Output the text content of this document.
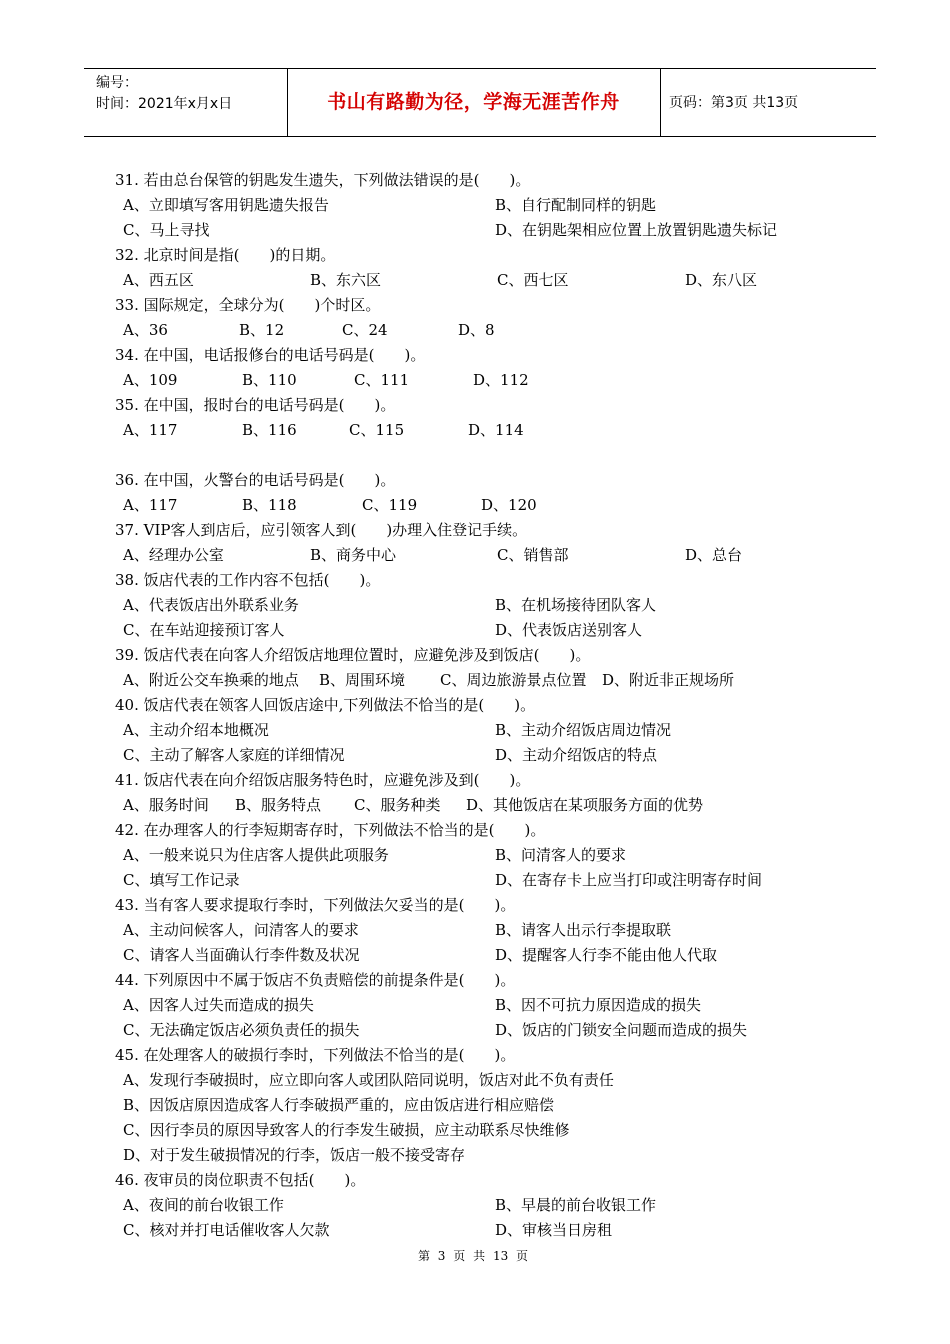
编号：
时间：2021年x月x日	书山有路勤为径，学海无涯苦作舟	页码：第3页 共13页
31. 若由总台保管的钥匙发生遗失，下列做法错误的是(　　)。
A、立即填写客用钥匙遗失报告	B、自行配制同样的钥匙
C、马上寻找	D、在钥匙架相应位置上放置钥匙遗失标记
32. 北京时间是指(　　)的日期。
A、西五区	B、东六区	C、西七区	D、东八区
33. 国际规定，全球分为(　　)个时区。
A、36	B、12	C、24	D、8
34. 在中国，电话报修台的电话号码是(　　)。
A、109	B、110	C、111	D、112
35. 在中国，报时台的电话号码是(　　)。
A、117	B、116	C、115	D、114
36. 在中国，火警台的电话号码是(　　)。
A、117	B、118	C、119	D、120
37. VIP客人到店后，应引领客人到(　　)办理入住登记手续。
A、经理办公室	B、商务中心	C、销售部	D、总台
38. 饭店代表的工作内容不包括(　　)。
A、代表饭店出外联系业务	B、在机场接待团队客人
C、在车站迎接预订客人	D、代表饭店送别客人
39. 饭店代表在向客人介绍饭店地理位置时，应避免涉及到饭店(　　)。
A、附近公交车换乘的地点 B、周围环境 C、周边旅游景点位置 D、附近非正规场所
40. 饭店代表在领客人回饭店途中,下列做法不恰当的是(　　)。
A、主动介绍本地概况	B、主动介绍饭店周边情况
C、主动了解客人家庭的详细情况	D、主动介绍饭店的特点
41. 饭店代表在向介绍饭店服务特色时，应避免涉及到(　　)。
A、服务时间 B、服务特点 C、服务种类 D、其他饭店在某项服务方面的优势
42. 在办理客人的行李短期寄存时，下列做法不恰当的是(　　)。
A、一般来说只为住店客人提供此项服务	B、问清客人的要求
C、填写工作记录	D、在寄存卡上应当打印或注明寄存时间
43. 当有客人要求提取行李时，下列做法欠妥当的是(　　)。
A、主动问候客人，问清客人的要求	B、请客人出示行李提取联
C、请客人当面确认行李件数及状况	D、提醒客人行李不能由他人代取
44. 下列原因中不属于饭店不负责赔偿的前提条件是(　　)。
A、因客人过失而造成的损失	B、因不可抗力原因造成的损失
C、无法确定饭店必须负责任的损失	D、饭店的门锁安全问题而造成的损失
45. 在处理客人的破损行李时，下列做法不恰当的是(　　)。
A、发现行李破损时，应立即向客人或团队陪同说明，饭店对此不负有责任
B、因饭店原因造成客人行李破损严重的，应由饭店进行相应赔偿
C、因行李员的原因导致客人的行李发生破损，应主动联系尽快维修
D、对于发生破损情况的行李，饭店一般不接受寄存
46. 夜审员的岗位职责不包括(　　)。
A、夜间的前台收银工作	B、早晨的前台收银工作
C、核对并打电话催收客人欠款	D、审核当日房租
第 3 页 共 13 页
